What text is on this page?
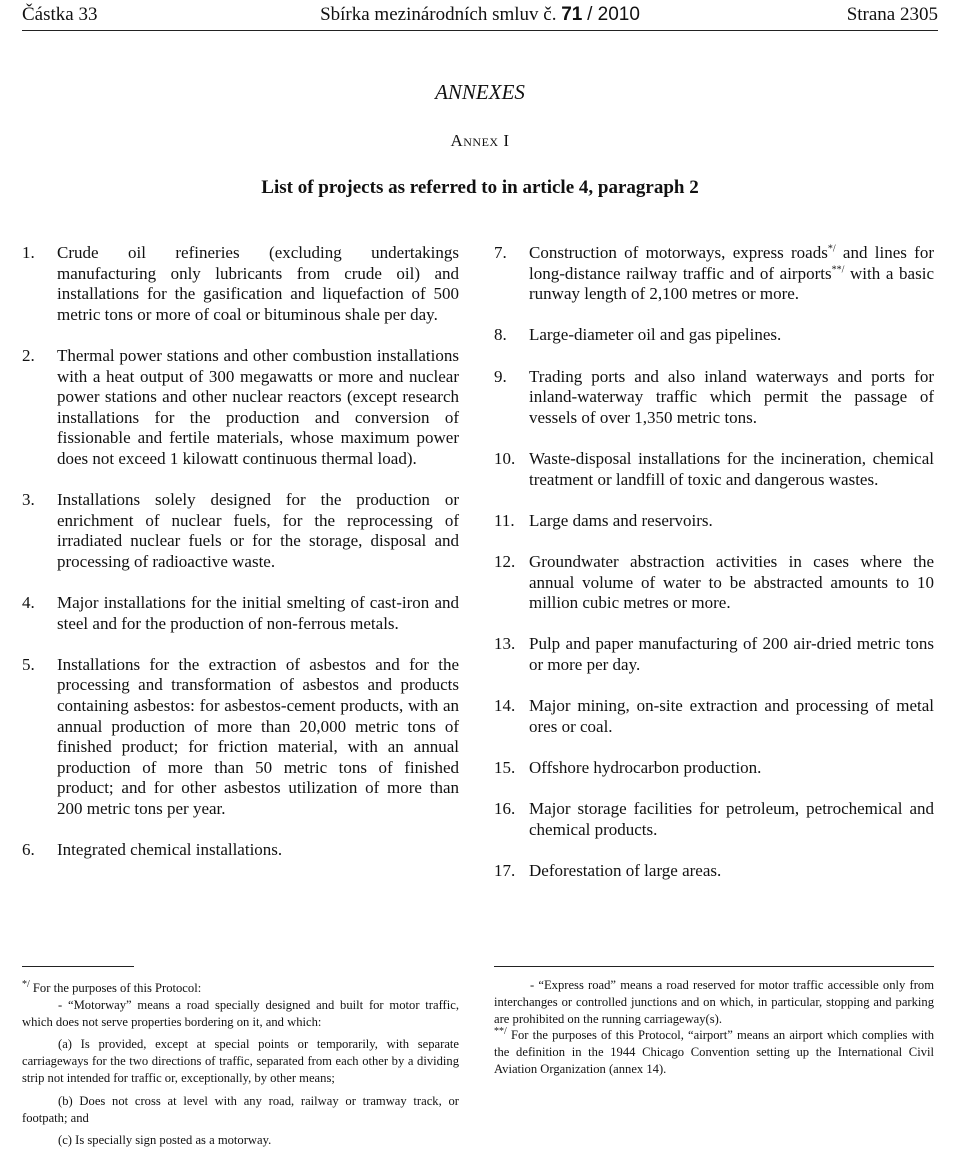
Částka 33	Sbírka mezinárodních smluv č. 71 / 2010	Strana 2305
ANNEXES
Annex I
List of projects as referred to in article 4, paragraph 2
1. Crude oil refineries (excluding undertakings manufacturing only lubricants from crude oil) and installations for the gasification and liquefaction of 500 metric tons or more of coal or bituminous shale per day.
2. Thermal power stations and other combustion installations with a heat output of 300 megawatts or more and nuclear power stations and other nuclear reactors (except research installations for the production and conversion of fissionable and fertile materials, whose maximum power does not exceed 1 kilowatt continuous thermal load).
3. Installations solely designed for the production or enrichment of nuclear fuels, for the reprocessing of irradiated nuclear fuels or for the storage, disposal and processing of radioactive waste.
4. Major installations for the initial smelting of cast-iron and steel and for the production of non-ferrous metals.
5. Installations for the extraction of asbestos and for the processing and transformation of asbestos and products containing asbestos: for asbestos-cement products, with an annual production of more than 20,000 metric tons of finished product; for friction material, with an annual production of more than 50 metric tons of finished product; and for other asbestos utilization of more than 200 metric tons per year.
6. Integrated chemical installations.
7. Construction of motorways, express roads*/ and lines for long-distance railway traffic and of airports**/ with a basic runway length of 2,100 metres or more.
8. Large-diameter oil and gas pipelines.
9. Trading ports and also inland waterways and ports for inland-waterway traffic which permit the passage of vessels of over 1,350 metric tons.
10. Waste-disposal installations for the incineration, chemical treatment or landfill of toxic and dangerous wastes.
11. Large dams and reservoirs.
12. Groundwater abstraction activities in cases where the annual volume of water to be abstracted amounts to 10 million cubic metres or more.
13. Pulp and paper manufacturing of 200 air-dried metric tons or more per day.
14. Major mining, on-site extraction and processing of metal ores or coal.
15. Offshore hydrocarbon production.
16. Major storage facilities for petroleum, petrochemical and chemical products.
17. Deforestation of large areas.

*/ For the purposes of this Protocol:

- “Motorway” means a road specially designed and built for motor traffic, which does not serve properties bordering on it, and which:

(a) Is provided, except at special points or temporarily, with separate carriageways for the two directions of traffic, separated from each other by a dividing strip not intended for traffic or, exceptionally, by other means;

(b) Does not cross at level with any road, railway or tramway track, or footpath; and

(c) Is specially sign posted as a motorway.

- “Express road” means a road reserved for motor traffic accessible only from interchanges or controlled junctions and on which, in particular, stopping and parking are prohibited on the running carriageway(s).

**/ For the purposes of this Protocol, “airport” means an airport which complies with the definition in the 1944 Chicago Convention setting up the International Civil Aviation Organization (annex 14).
